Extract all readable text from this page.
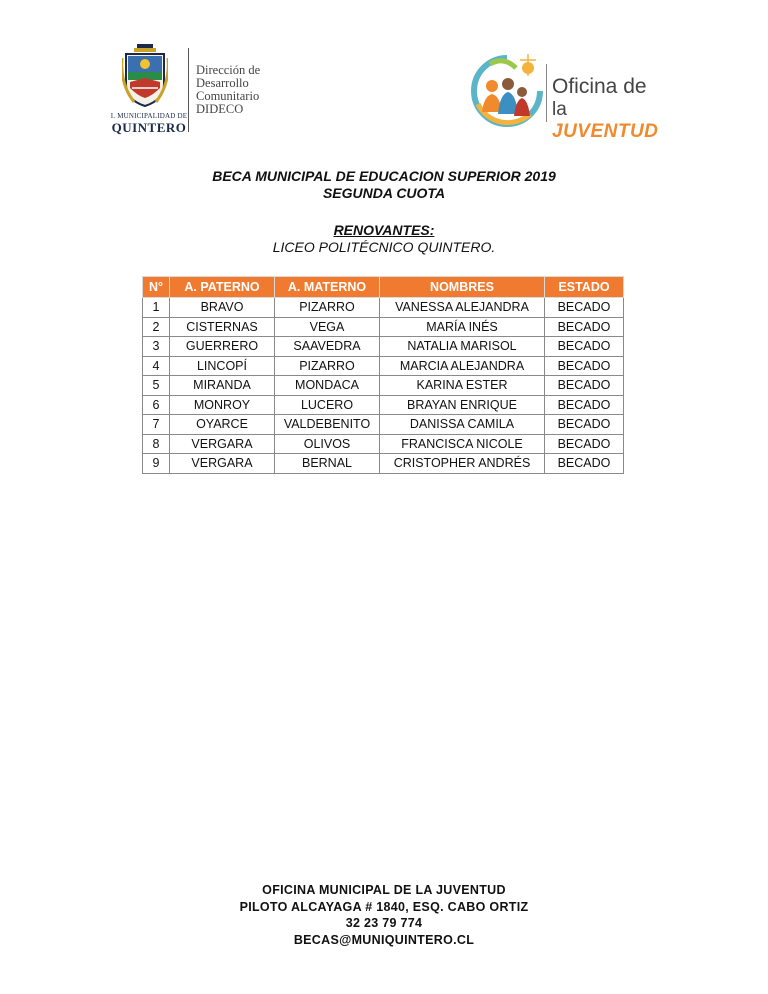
I. MUNICIPALIDAD DE
QUINTERO
Dirección de
Desarrollo
Comunitario
DIDECO
Oficina de
la JUVENTUD
BECA MUNICIPAL DE EDUCACION SUPERIOR 2019
SEGUNDA CUOTA
RENOVANTES:
LICEO POLITÉCNICO QUINTERO.
N°	A. PATERNO	A. MATERNO	NOMBRES	ESTADO
1	BRAVO	PIZARRO	VANESSA ALEJANDRA	BECADO
2	CISTERNAS	VEGA	MARÍA INÉS	BECADO
3	GUERRERO	SAAVEDRA	NATALIA MARISOL	BECADO
4	LINCOPÍ	PIZARRO	MARCIA ALEJANDRA	BECADO
5	MIRANDA	MONDACA	KARINA ESTER	BECADO
6	MONROY	LUCERO	BRAYAN ENRIQUE	BECADO
7	OYARCE	VALDEBENITO	DANISSA CAMILA	BECADO
8	VERGARA	OLIVOS	FRANCISCA NICOLE	BECADO
9	VERGARA	BERNAL	CRISTOPHER ANDRÉS	BECADO
OFICINA MUNICIPAL DE LA JUVENTUD
PILOTO ALCAYAGA # 1840, ESQ. CABO ORTIZ
32 23 79 774
BECAS@MUNIQUINTERO.CL
